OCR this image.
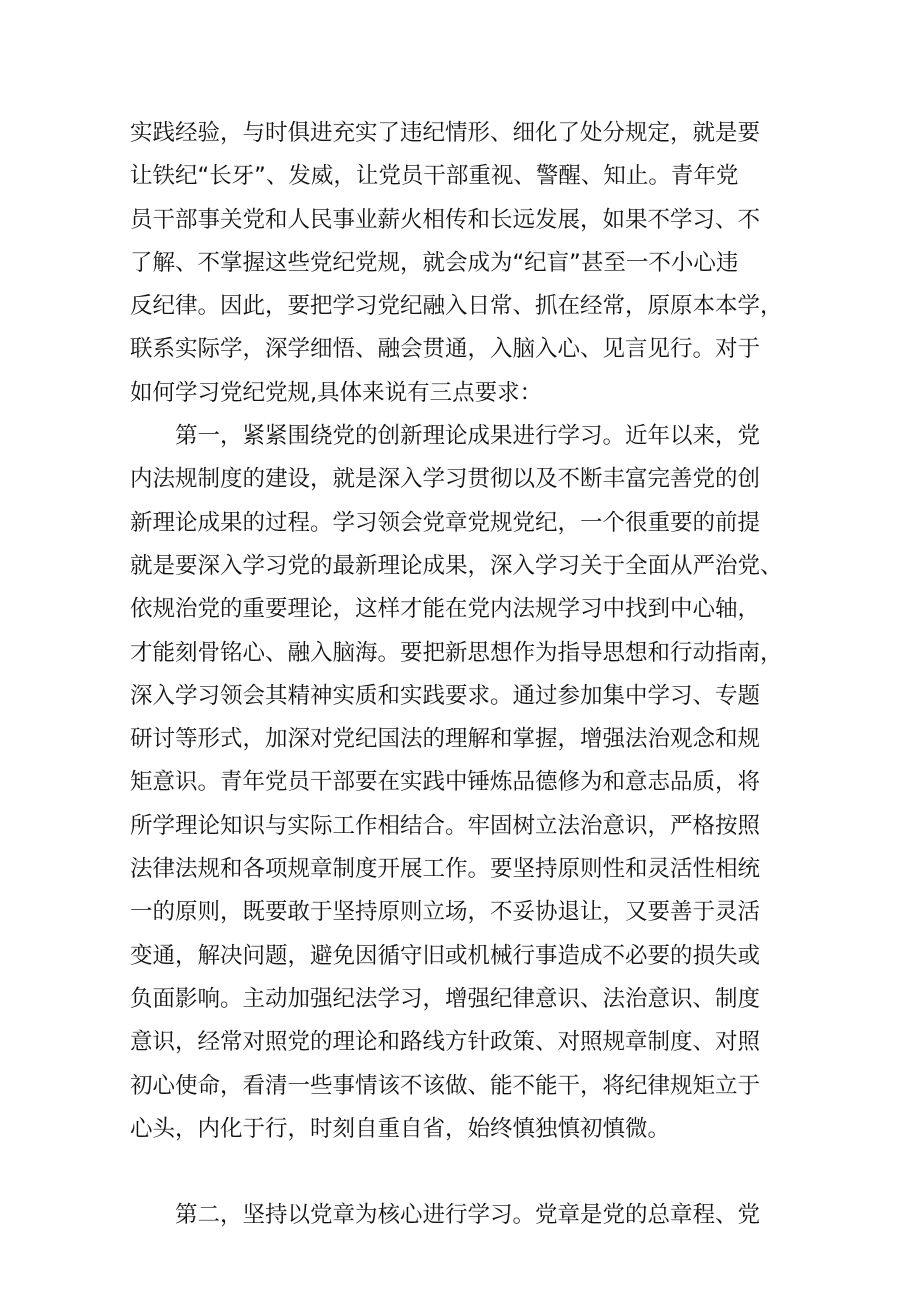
实践经验，与时俱进充实了违纪情形、细化了处分规定，就是要
让铁纪“长牙”、发威，让党员干部重视、警醒、知止。青年党
员干部事关党和人民事业薪火相传和长远发展，如果不学习、不
了解、不掌握这些党纪党规，就会成为“纪盲”甚至一不小心违
反纪律。因此，要把学习党纪融入日常、抓在经常，原原本本学，
联系实际学，深学细悟、融会贯通，入脑入心、见言见行。对于
如何学习党纪党规,具体来说有三点要求：
第一，紧紧围绕党的创新理论成果进行学习。近年以来，党
内法规制度的建设，就是深入学习贯彻以及不断丰富完善党的创
新理论成果的过程。学习领会党章党规党纪，一个很重要的前提
就是要深入学习党的最新理论成果，深入学习关于全面从严治党、
依规治党的重要理论，这样才能在党内法规学习中找到中心轴，
才能刻骨铭心、融入脑海。要把新思想作为指导思想和行动指南，
深入学习领会其精神实质和实践要求。通过参加集中学习、专题
研讨等形式，加深对党纪国法的理解和掌握，增强法治观念和规
矩意识。青年党员干部要在实践中锤炼品德修为和意志品质，将
所学理论知识与实际工作相结合。牢固树立法治意识，严格按照
法律法规和各项规章制度开展工作。要坚持原则性和灵活性相统
一的原则，既要敢于坚持原则立场，不妥协退让，又要善于灵活
变通，解决问题，避免因循守旧或机械行事造成不必要的损失或
负面影响。主动加强纪法学习，增强纪律意识、法治意识、制度
意识，经常对照党的理论和路线方针政策、对照规章制度、对照
初心使命，看清一些事情该不该做、能不能干，将纪律规矩立于
心头，内化于行，时刻自重自省，始终慎独慎初慎微。
第二，坚持以党章为核心进行学习。党章是党的总章程、党
